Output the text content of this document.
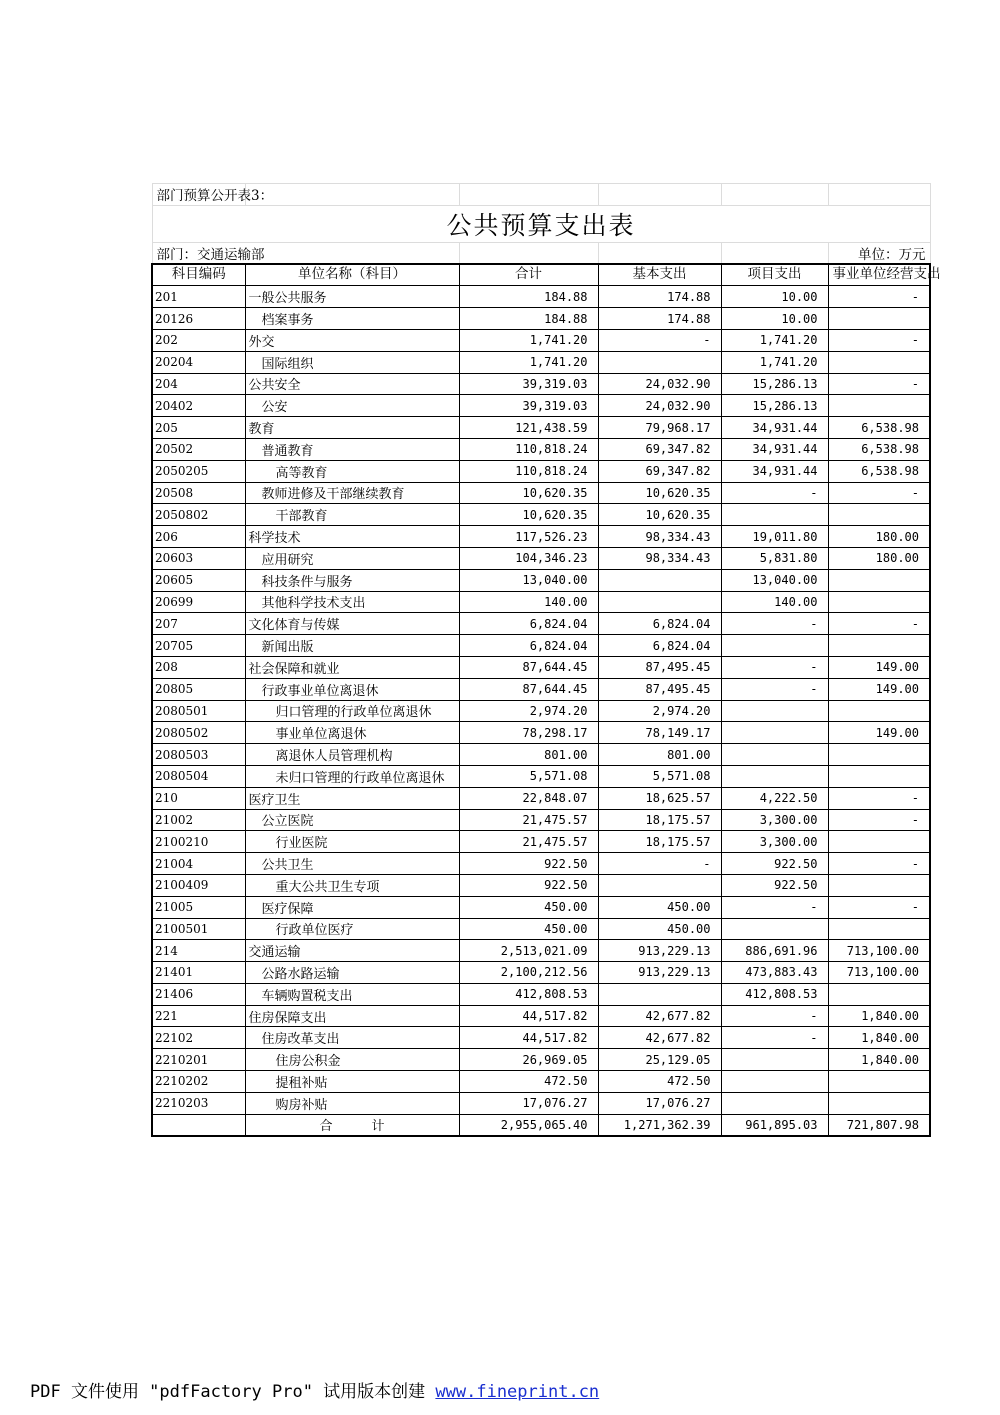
部门预算公开表3：					
公共预算支出表					
部门：交通运输部					单位：万元
科目编码	单位名称（科目）	合计	基本支出	项目支出	事业单位经营支出
201	一般公共服务	184.88	174.88	10.00	-
20126	档案事务	184.88	174.88	10.00	
202	外交	1,741.20	-	1,741.20	-
20204	国际组织	1,741.20		1,741.20	
204	公共安全	39,319.03	24,032.90	15,286.13	-
20402	公安	39,319.03	24,032.90	15,286.13	
205	教育	121,438.59	79,968.17	34,931.44	6,538.98
20502	普通教育	110,818.24	69,347.82	34,931.44	6,538.98
2050205	高等教育	110,818.24	69,347.82	34,931.44	6,538.98
20508	教师进修及干部继续教育	10,620.35	10,620.35	-	-
2050802	干部教育	10,620.35	10,620.35		
206	科学技术	117,526.23	98,334.43	19,011.80	180.00
20603	应用研究	104,346.23	98,334.43	5,831.80	180.00
20605	科技条件与服务	13,040.00		13,040.00	
20699	其他科学技术支出	140.00		140.00	
207	文化体育与传媒	6,824.04	6,824.04	-	-
20705	新闻出版	6,824.04	6,824.04		
208	社会保障和就业	87,644.45	87,495.45	-	149.00
20805	行政事业单位离退休	87,644.45	87,495.45	-	149.00
2080501	归口管理的行政单位离退休	2,974.20	2,974.20		
2080502	事业单位离退休	78,298.17	78,149.17		149.00
2080503	离退休人员管理机构	801.00	801.00		
2080504	未归口管理的行政单位离退休	5,571.08	5,571.08		
210	医疗卫生	22,848.07	18,625.57	4,222.50	-
21002	公立医院	21,475.57	18,175.57	3,300.00	-
2100210	行业医院	21,475.57	18,175.57	3,300.00	
21004	公共卫生	922.50	-	922.50	-
2100409	重大公共卫生专项	922.50		922.50	
21005	医疗保障	450.00	450.00	-	-
2100501	行政单位医疗	450.00	450.00		
214	交通运输	2,513,021.09	913,229.13	886,691.96	713,100.00
21401	公路水路运输	2,100,212.56	913,229.13	473,883.43	713,100.00
21406	车辆购置税支出	412,808.53		412,808.53	
221	住房保障支出	44,517.82	42,677.82	-	1,840.00
22102	住房改革支出	44,517.82	42,677.82	-	1,840.00
2210201	住房公积金	26,969.05	25,129.05		1,840.00
2210202	提租补贴	472.50	472.50		
2210203	购房补贴	17,076.27	17,076.27		
	合　　　计	2,955,065.40	1,271,362.39	961,895.03	721,807.98
PDF 文件使用 "pdfFactory Pro" 试用版本创建 www.fineprint.cn
